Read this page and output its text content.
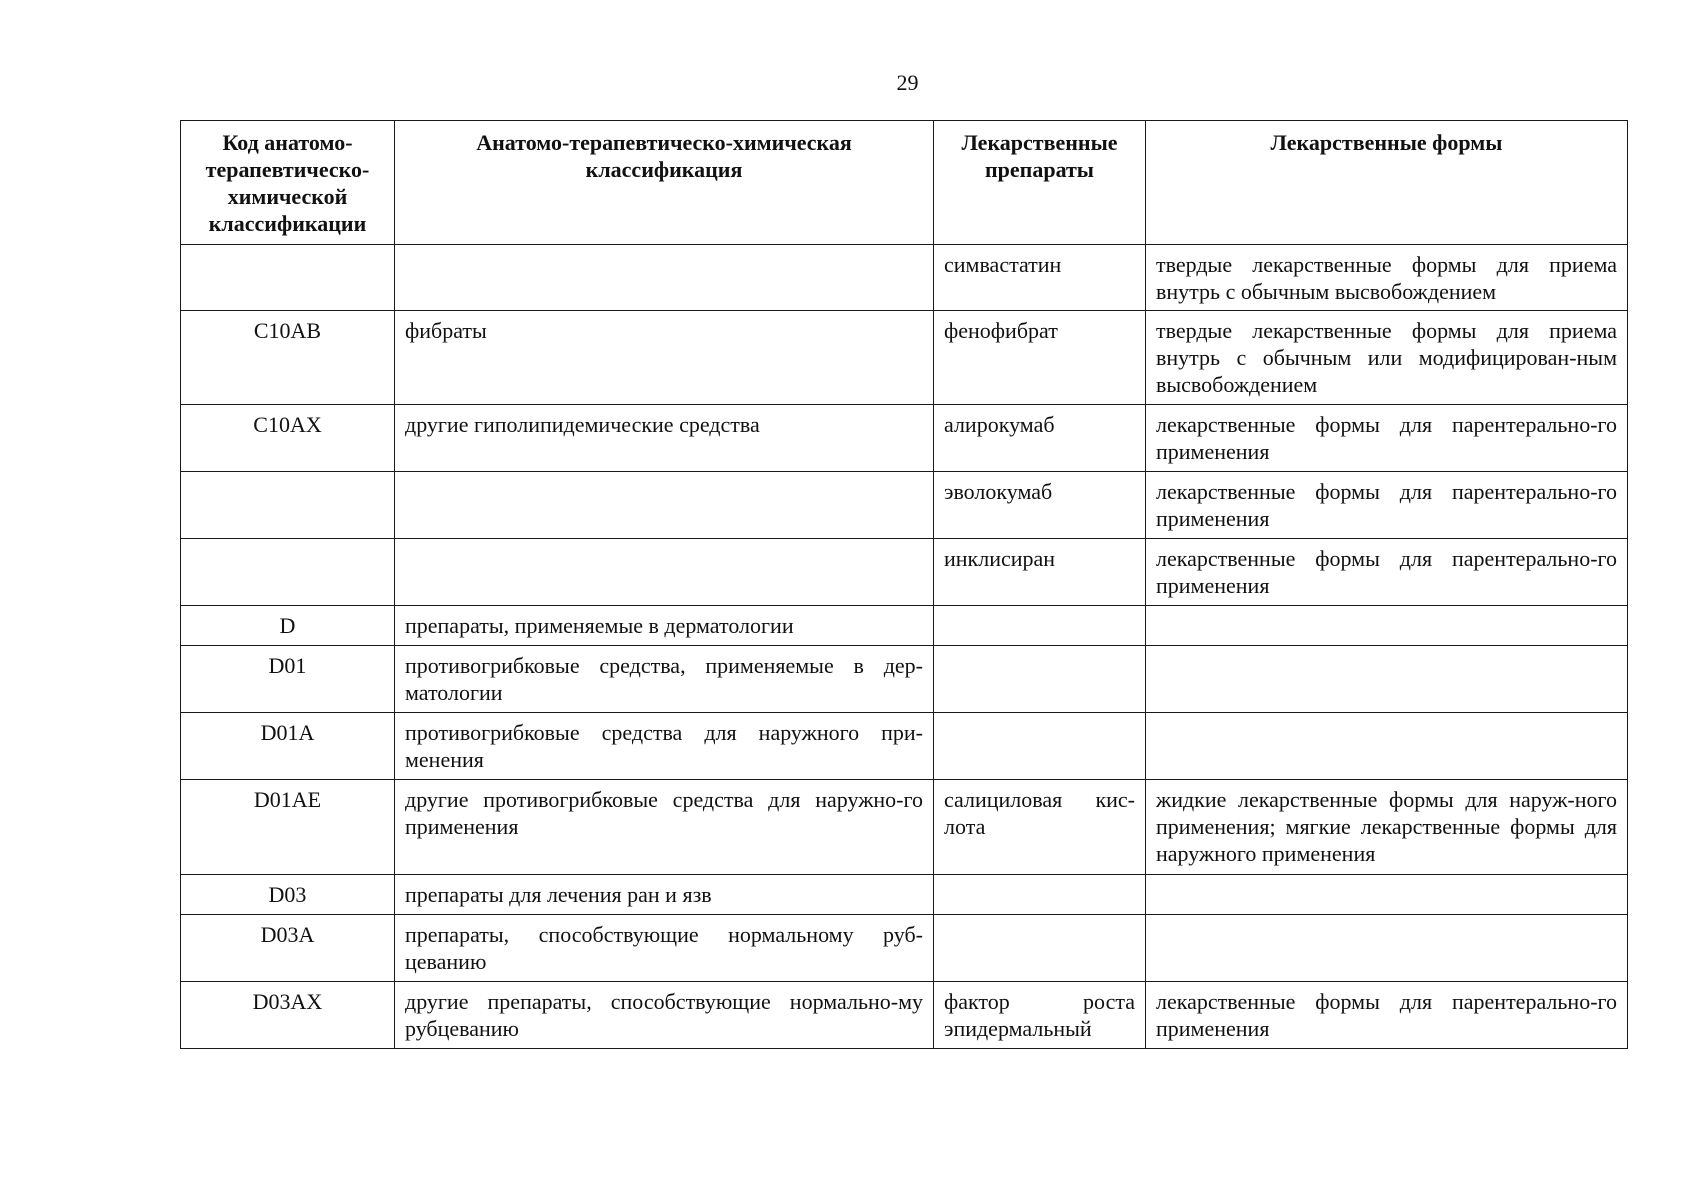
29
Код анатомо-терапевтическо-химической классификации	Анатомо-терапевтическо-химическая классификация	Лекарственные препараты	Лекарственные формы
		симвастатин	твердые лекарственные формы для приема внутрь с обычным высвобождением
C10AB	фибраты	фенофибрат	твердые лекарственные формы для приема внутрь с обычным или модифицирован-ным высвобождением
C10AX	другие гиполипидемические средства	алирокумаб	лекарственные формы для парентерально-го применения
		эволокумаб	лекарственные формы для парентерально-го применения
		инклисиран	лекарственные формы для парентерально-го применения
D	препараты, применяемые в дерматологии		
D01	противогрибковые средства, применяемые в дер-матологии		
D01A	противогрибковые средства для наружного при-менения		
D01AE	другие противогрибковые средства для наружно-го применения	салициловая кис-лота	жидкие лекарственные формы для наруж-ного применения; мягкие лекарственные формы для наружного применения
D03	препараты для лечения ран и язв		
D03A	препараты, способствующие нормальному руб-цеванию		
D03AX	другие препараты, способствующие нормально-му рубцеванию	фактор роста эпидермальный	лекарственные формы для парентерально-го применения
